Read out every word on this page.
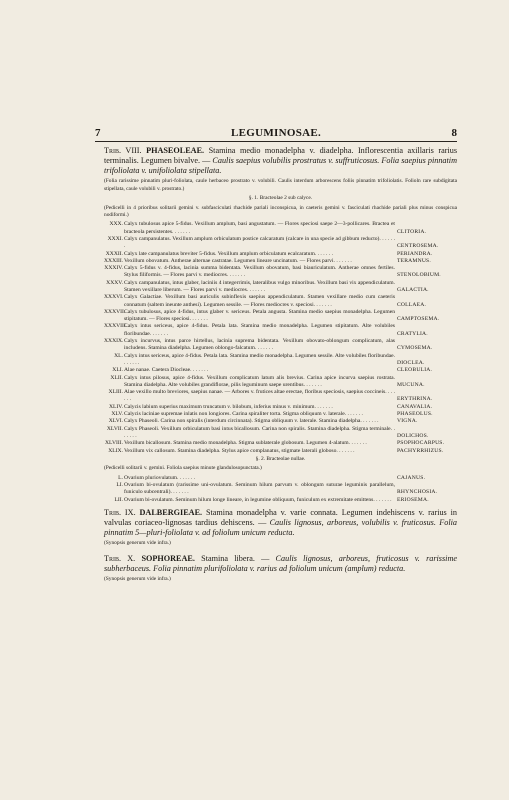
7	LEGUMINOSAE.	8

Trib. VIII. PHASEOLEAE. Stamina medio monadelpha v. diadelpha. Inflorescentia axillaris rarius terminalis. Legumen bivalve. — Caulis saepius volubilis prostratus v. suffruticosus. Folia saepius pinnatim trifoliolata v. unifoliolata stipellata.

(Folia rarissime pinnatim pluri-foliolata, caule herbaceo prostrato v. volubili. Caulis interdum arborescens foliis pinnatim trifoliolatis. Folioln rare subdigitata stipellata, caule volubili v. prostrato.)

§. 1. Bracteolae 2 sub calyce.

(Pedicelli in 4 prioribus solitarii gemini v. subfasciculati rhachide pariali inconspicua, in caeteris gemini v. fasciculati rhachide pariali plus minus conspicua nodiformi.)

XXX. Calyx tubulosus apice 5-fidus. Vexillum amplum, basi angustatum. — Flores speciosi saepe 2—3-pollicares. Bractea et bracteola persistentes. . . . . . .	CLITORIA.

XXXI. Calyx campanulatus. Vexillum amplum orbiculatum postice calcaratum (calcare in una specie ad gibbum reducto). . . . . . .	CENTROSEMA.

XXXII. Calyx late campanulatus breviter 5-fidus. Vexillum amplum orbiculatum ecalcaratum. . . . . . .	PERIANDRA.

XXXIII. Vexillum obovatum. Antherae alternae castratae. Legumen lineare uncinatum. — Flores parvi. . . . . . .	TERAMNUS.

XXXIV. Calyx 5-fidus v. 4-fidus, lacinia summa bidentata. Vexillum obovatum, basi biauriculatum. Antherae omnes fertiles. Stylus filiformis. — Flores parvi v. mediocres. . . . . . .	STENOLOBIUM.

XXXV. Calyx campanulatus, intus glaber, laciniis 4 integerrimis, lateralibus vulgo minoribus. Vexillum basi vix appendiculatum. Stamen vexillare liberum. — Flores parvi v. mediocres. . . . . . .	GALACTIA.

XXXVI. Calyx Galactiae. Vexillum basi auriculis subinflexis saepius appendiculatum. Stamen vexillare medio cum caeteris connatum (saltem ineunte anthesi). Legumen sessile. — Flores mediocres v. speciosi. . . . . . .	COLLAEA.

XXXVII.
Calyx tubulosus, apice 4-fidus, intus glaber v. sericeus. Petala angusta. Stamina medio saepius monadelpha. Legumen stipitatum. — Flores speciosi. . . . . . .	CAMPTOSEMA.

XXXVIII.
Calyx intus sericeus, apice 4-fidus. Petala lata. Stamina medio monadelpha. Legumen stipitatum. Alte volubiles floribundae. . . . . . .	CRATYLIA.

XXXIX. Calyx incurvus, intus parce hirtellus, lacinia suprema bidentata. Vexillum obovato-oblongum complicatum, alas includens. Stamina diadelpha. Legumen oblongo-falcatum. . . . . . .	CYMOSEMA.

XL. Calyx intus sericeus, apice 4-fidus. Petala lata. Stamina medio monadelpha. Legumen sessile. Alte volubiles floribundae. . . . . . .	DIOCLEA.

XLI. Alae nanae. Caetera Diocleae. . . . . . .	CLEOBULIA.

XLII. Calyx intus pilosus, apice 4-fidus. Vexillum complicatum latum alis brevius. Carina apice incurva saepius rostrata. Stamina diadelpha. Alte volubiles grandiflorae, pilis leguminum saepe urentibus. . . . . . .	MUCUNA.

XLIII. Alae vexillo multo breviores, saepius nanae. — Arbores v. frutices altae erectae, floribus speciosis, saepius coccineis. . . . . . .	ERYTHRINA.

XLIV. Calycis labium superius maximum truncatum v. bilobum, inferius minus v. minimum. . . . . . .	CANAVALIA.

XLV. Calycis laciniae supremae inlatis non longiores. Carina spiraliter torta. Stigma obliquum v. laterale. . . . . . .	PHASEOLUS.

XLVI. Calyx Phaseoli. Carina non spiralis (interdum circinnata). Stigma obliquum v. laterale. Stamina diadelpha. . . . . . .	VIGNA.

XLVII. Calyx Phaseoli. Vexillum orbiculatum basi intus bicallosum. Carina non spiralis. Stamina diadelpha. Stigma terminale. . . . . . .	DOLICHOS.

XLVIII. Vexillum bicallosum. Stamina medio monadelpha. Stigma sublaterale globosum. Legumen 4-alatum. . . . . . .	PSOPHOCARPUS.

XLIX. Vexillum vix callosum. Stamina diadelpha. Stylus apice complanatus, stigmate laterali globoso. . . . . . .	PACHYRRHIZUS.

§. 2. Bracteolae nullae.

(Pedicelli solitarii v. gemini. Foliola saepius minute glandulosopunctata.)

L. Ovarium pluriovulatum. . . . . . .	CAJANUS.

LI. Ovarium bi-ovulatum (rarissime uni-ovulatum. Seminum hilum parvum v. oblongum suturae leguminis parallelum, funiculo subcentrali). . . . . . .	RHYNCHOSIA.

LII. Ovarium bi-ovulatum. Seminum hilum longe lineare, in legumine obliquum, funiculum ex extremitate emittens. . . . . . . ERIOSEMA.

Trib. IX. DALBERGIEAE. Stamina monadelpha v. varie connata. Legumen indehiscens v. rarius in valvulas coriaceo-lignosas tardius dehiscens. — Caulis lignosus, arboreus, volubilis v. fruticosus. Folia pinnatim 5—pluri-foliolata v. ad foliolum unicum reducta.

(Synopsis generum vide infra.)

Trib. X. SOPHOREAE. Stamina libera. — Caulis lignosus, arboreus, fruticosus v. rarissime subherbaceus. Folia pinnatim plurifoliolata v. rarius ad foliolum unicum (amplum) reducta.

(Synopsis generum vide infra.)
